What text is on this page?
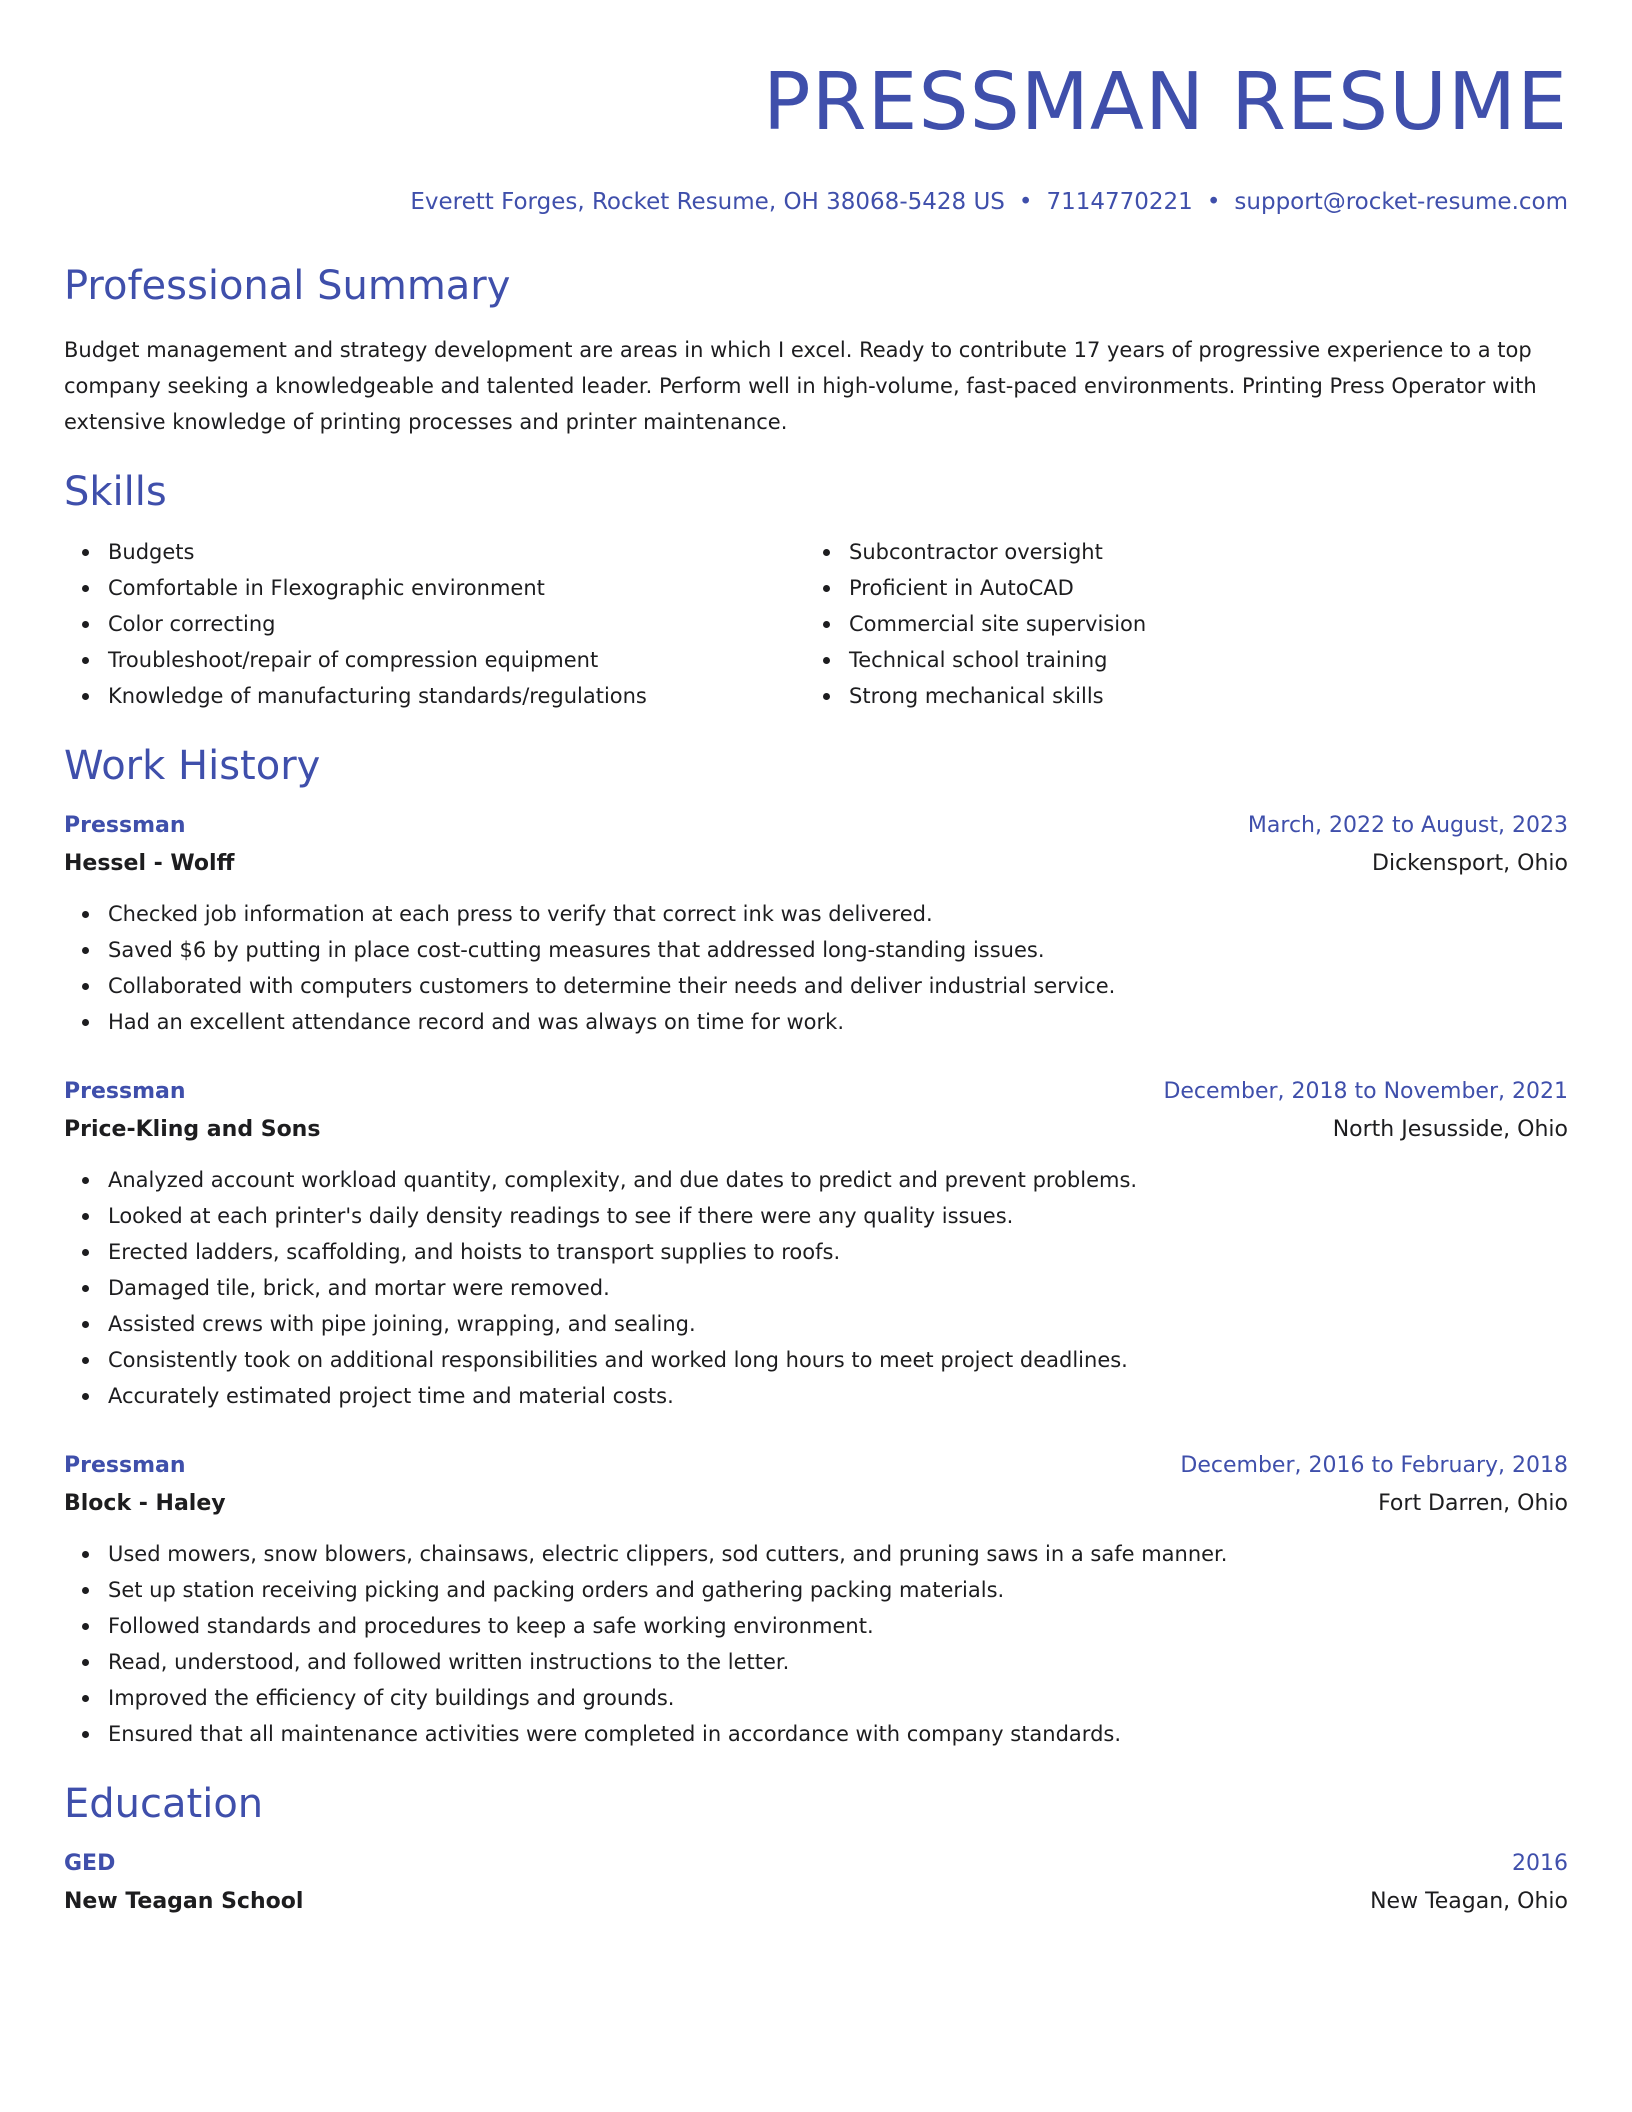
PRESSMAN RESUME
Everett Forges, Rocket Resume, OH 38068-5428 US • 7114770221 • support@rocket-resume.com
Professional Summary
Budget management and strategy development are areas in which I excel. Ready to contribute 17 years of progressive experience to a top company seeking a knowledgeable and talented leader. Perform well in high-volume, fast-paced environments. Printing Press Operator with extensive knowledge of printing processes and printer maintenance.
Skills
Budgets
Comfortable in Flexographic environment
Color correcting
Troubleshoot/repair of compression equipment
Knowledge of manufacturing standards/regulations
Subcontractor oversight
Proficient in AutoCAD
Commercial site supervision
Technical school training
Strong mechanical skills
Work History
Pressman	March, 2022 to August, 2023
Hessel - Wolff	Dickensport, Ohio
Checked job information at each press to verify that correct ink was delivered.
Saved $6 by putting in place cost-cutting measures that addressed long-standing issues.
Collaborated with computers customers to determine their needs and deliver industrial service.
Had an excellent attendance record and was always on time for work.
Pressman	December, 2018 to November, 2021
Price-Kling and Sons	North Jesusside, Ohio
Analyzed account workload quantity, complexity, and due dates to predict and prevent problems.
Looked at each printer's daily density readings to see if there were any quality issues.
Erected ladders, scaffolding, and hoists to transport supplies to roofs.
Damaged tile, brick, and mortar were removed.
Assisted crews with pipe joining, wrapping, and sealing.
Consistently took on additional responsibilities and worked long hours to meet project deadlines.
Accurately estimated project time and material costs.
Pressman	December, 2016 to February, 2018
Block - Haley	Fort Darren, Ohio
Used mowers, snow blowers, chainsaws, electric clippers, sod cutters, and pruning saws in a safe manner.
Set up station receiving picking and packing orders and gathering packing materials.
Followed standards and procedures to keep a safe working environment.
Read, understood, and followed written instructions to the letter.
Improved the efficiency of city buildings and grounds.
Ensured that all maintenance activities were completed in accordance with company standards.
Education
GED	2016
New Teagan School	New Teagan, Ohio
